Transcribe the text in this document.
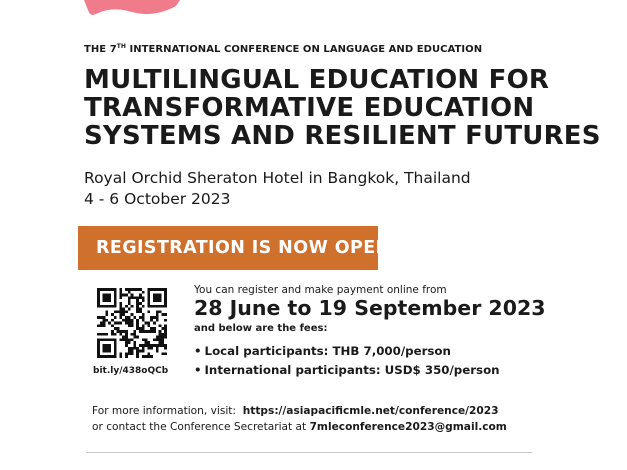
THE 7TH INTERNATIONAL CONFERENCE ON LANGUAGE AND EDUCATION
MULTILINGUAL EDUCATION FOR
TRANSFORMATIVE EDUCATION
SYSTEMS AND RESILIENT FUTURES
Royal Orchid Sheraton Hotel in Bangkok, Thailand
4 - 6 October 2023
REGISTRATION IS NOW OPEN
bit.ly/438oQCb
You can register and make payment online from
28 June to 19 September 2023
and below are the fees:
• Local participants: THB 7,000/person
• International participants: USD$ 350/person
For more information, visit: https://asiapacificmle.net/conference/2023
or contact the Conference Secretariat at 7mleconference2023@gmail.com
